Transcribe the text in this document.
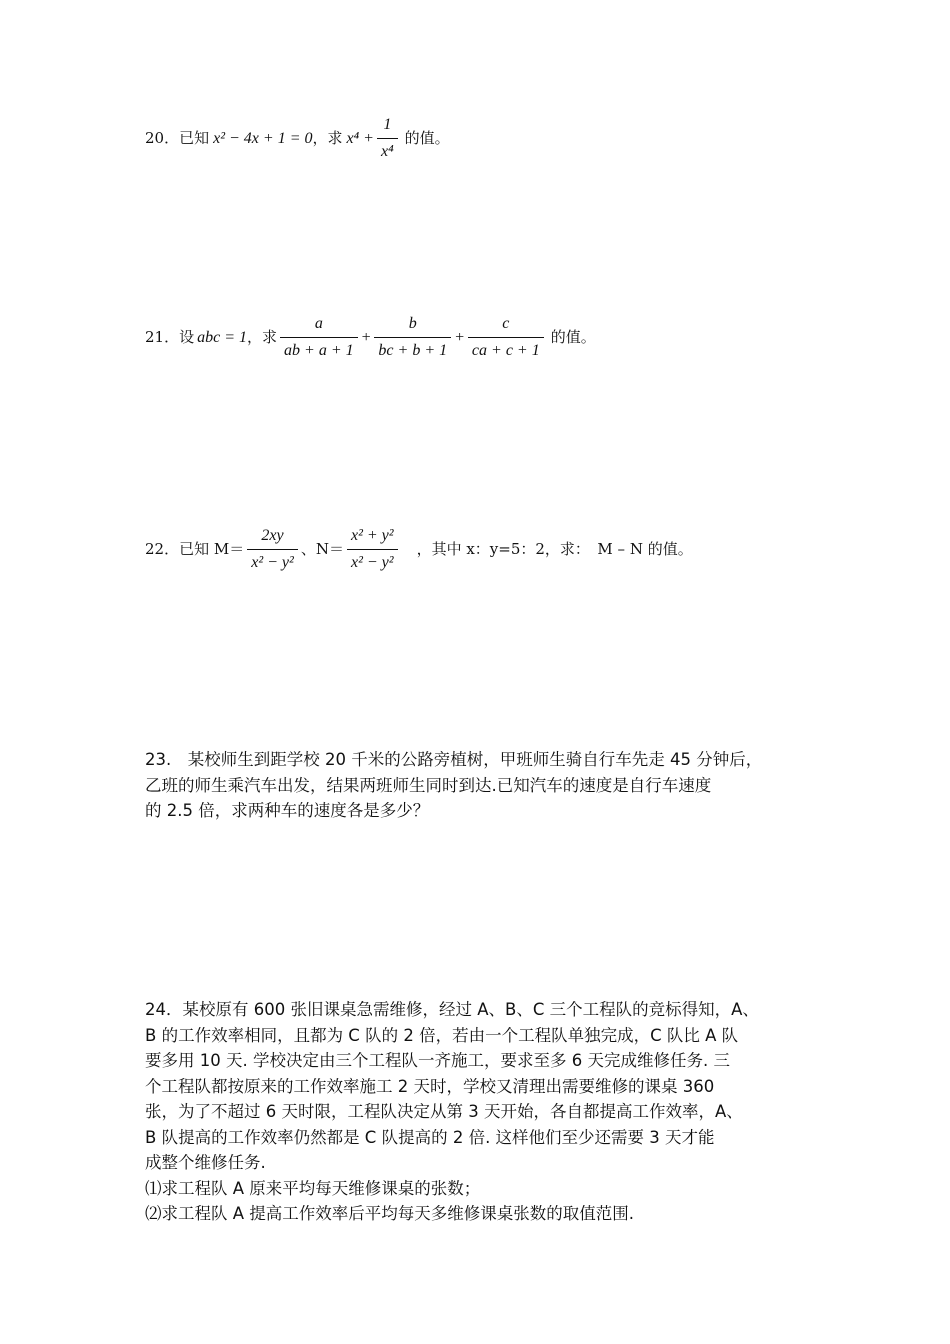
20． 已知 x² − 4x + 1 = 0 ，求 $x^4 + \frac{1}{\text{x⁴}}$ 的值。
21． 设 abc = 1 ，求 $\frac{a}{ab + a + 1} + \frac{b}{bc + b + 1} + \frac{c}{ca + c + 1}$ 的值。
22． 已知 $M= \frac{2xy}{\text{x² − y²}}$ 、$N= \frac{\text{x² + y²}}{\text{x² − y²}}$ ，其中 x：y=5：2，求：　M – N 的值。
23.　某校师生到距学校 20 千米的公路旁植树，甲班师生骑自行车先走 45 分钟后，
乙班的师生乘汽车出发，结果两班师生同时到达.已知汽车的速度是自行车速度
的 2.5 倍，求两种车的速度各是多少？
24．某校原有 600 张旧课桌急需维修，经过 A、B、C 三个工程队的竞标得知，A、
B 的工作效率相同，且都为 C 队的 2 倍，若由一个工程队单独完成，C 队比 A 队
要多用 10 天. 学校决定由三个工程队一齐施工，要求至多 6 天完成维修任务. 三
个工程队都按原来的工作效率施工 2 天时，学校又清理出需要维修的课桌 360
张，为了不超过 6 天时限，工程队决定从第 3 天开始，各自都提高工作效率，A、
B 队提高的工作效率仍然都是 C 队提高的 2 倍. 这样他们至少还需要 3 天才能
成整个维修任务.
⑴求工程队 A 原来平均每天维修课桌的张数；
⑵求工程队 A 提高工作效率后平均每天多维修课桌张数的取值范围.
